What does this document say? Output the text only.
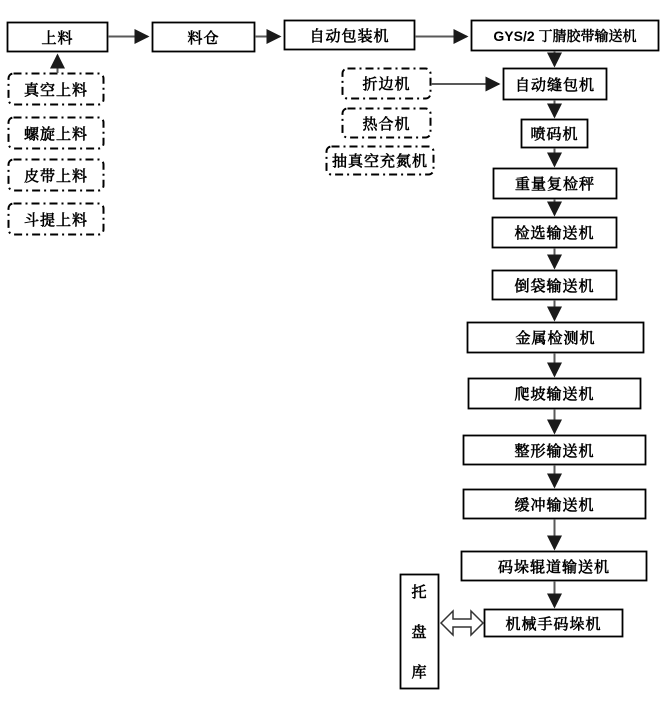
上料	料仓	自动包装机	GYS/2 丁腈胶带输送机
真空上料
螺旋上料
皮带上料
斗提上料
折边机
热合机
抽真空充氮机
自动缝包机
喷码机
重量复检秤
检选输送机
倒袋输送机
金属检测机
爬坡输送机
整形输送机
缓冲输送机
码垛辊道输送机
机械手码垛机
托
盘
库
